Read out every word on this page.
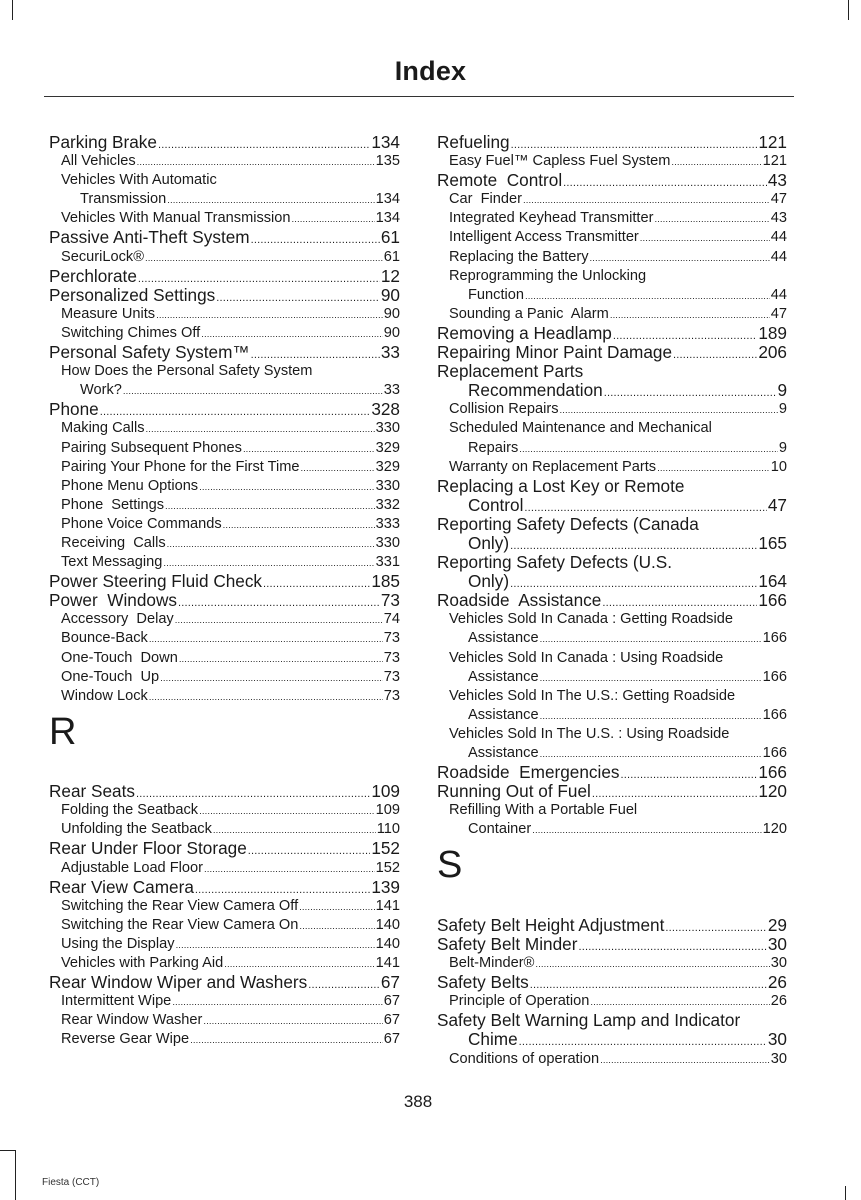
Index
Parking Brake .....	134
All Vehicles .....	135
Vehicles With Automatic
Transmission .....	134
Vehicles With Manual Transmission .....	134
Passive Anti-Theft System .....	61
SecuriLock® .....	61
Perchlorate .....	12
Personalized Settings .....	90
Measure Units .....	90
Switching Chimes Off .....	90
Personal Safety System™ .....	33
How Does the Personal Safety System
Work? .....	33
Phone .....	328
Making Calls .....	330
Pairing Subsequent Phones .....	329
Pairing Your Phone for the First Time .....	329
Phone Menu Options .....	330
Phone  Settings .....	332
Phone Voice Commands .....	333
Receiving  Calls .....	330
Text Messaging .....	331
Power Steering Fluid Check .....	185
Power  Windows .....	73
Accessory  Delay .....	74
Bounce-Back .....	73
One-Touch  Down .....	73
One-Touch  Up .....	73
Window Lock .....	73
R
Rear Seats .....	109
Folding the Seatback .....	109
Unfolding the Seatback .....	110
Rear Under Floor Storage .....	152
Adjustable Load Floor .....	152
Rear View Camera .....	139
Switching the Rear View Camera Off .....	141
Switching the Rear View Camera On .....	140
Using the Display .....	140
Vehicles with Parking Aid .....	141
Rear Window Wiper and Washers .....	67
Intermittent Wipe .....	67
Rear Window Washer .....	67
Reverse Gear Wipe .....	67
Refueling .....	121
Easy Fuel™ Capless Fuel System .....	121
Remote  Control .....	43
Car  Finder .....	47
Integrated Keyhead Transmitter .....	43
Intelligent Access Transmitter .....	44
Replacing the Battery .....	44
Reprogramming the Unlocking
Function .....	44
Sounding a Panic  Alarm .....	47
Removing a Headlamp .....	189
Repairing Minor Paint Damage .....	206
Replacement Parts
Recommendation .....	9
Collision Repairs .....	9
Scheduled Maintenance and Mechanical
Repairs .....	9
Warranty on Replacement Parts .....	10
Replacing a Lost Key or Remote
Control .....	47
Reporting Safety Defects (Canada
Only) .....	165
Reporting Safety Defects (U.S.
Only) .....	164
Roadside  Assistance .....	166
Vehicles Sold In Canada : Getting Roadside
Assistance .....	166
Vehicles Sold In Canada : Using Roadside
Assistance .....	166
Vehicles Sold In The U.S.: Getting Roadside
Assistance .....	166
Vehicles Sold In The U.S. : Using Roadside
Assistance .....	166
Roadside  Emergencies .....	166
Running Out of Fuel .....	120
Refilling With a Portable Fuel
Container .....	120
S
Safety Belt Height Adjustment .....	29
Safety Belt Minder .....	30
Belt-Minder® .....	30
Safety Belts .....	26
Principle of Operation .....	26
Safety Belt Warning Lamp and Indicator
Chime .....	30
Conditions of operation .....	30
388
Fiesta (CCT)
